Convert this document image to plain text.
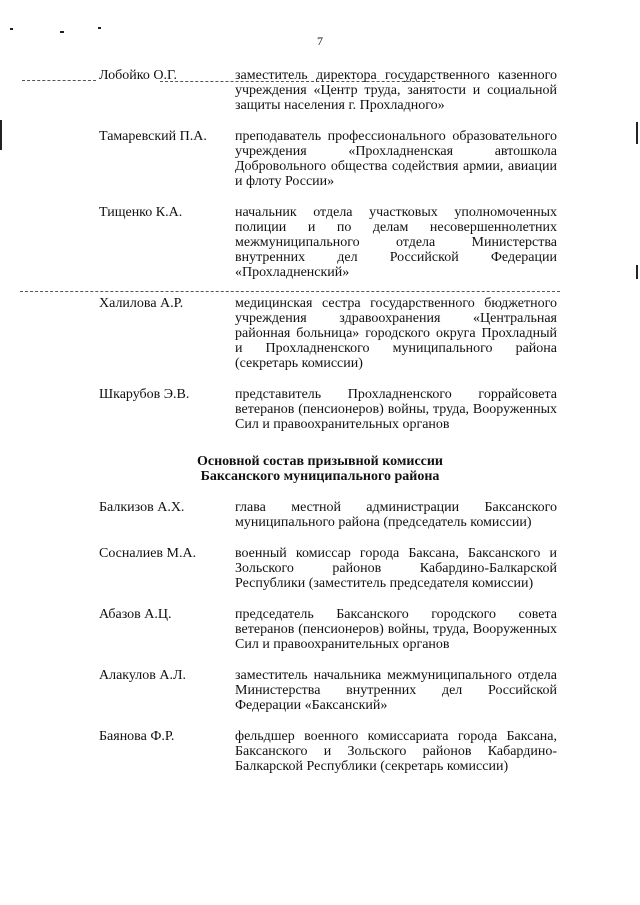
7
Лобойко О.Г.	заместитель директора государственного казенного учреждения «Центр труда, занятости и социальной защиты населения г. Прохладного»
Тамаревский П.А.	преподаватель профессионального образовательного учреждения «Прохладненская автошкола Добровольного общества содействия армии, авиации и флоту России»
Тищенко К.А.	начальник отдела участковых уполномоченных полиции и по делам несовершеннолетних межмуниципального отдела Министерства внутренних дел Российской Федерации «Прохладненский»
Халилова А.Р.	медицинская сестра государственного бюджетного учреждения здравоохранения «Центральная районная больница» городского округа Прохладный и Прохладненского муниципального района (секретарь комиссии)
Шкарубов Э.В.	представитель Прохладненского горрайсовета ветеранов (пенсионеров) войны, труда, Вооруженных Сил и правоохранительных органов
Основной состав призывной комиссии
Баксанского муниципального района
Балкизов А.Х.	глава местной администрации Баксанского муниципального района (председатель комиссии)
Сосналиев М.А.	военный комиссар города Баксана, Баксанского и Зольского районов Кабардино-Балкарской Республики (заместитель председателя комиссии)
Абазов А.Ц.	председатель Баксанского городского совета ветеранов (пенсионеров) войны, труда, Вооруженных Сил и правоохранительных органов
Алакулов А.Л.	заместитель начальника межмуниципального отдела Министерства внутренних дел Российской Федерации «Баксанский»
Баянова Ф.Р.	фельдшер военного комиссариата города Баксана, Баксанского и Зольского районов Кабардино-Балкарской Республики (секретарь комиссии)
